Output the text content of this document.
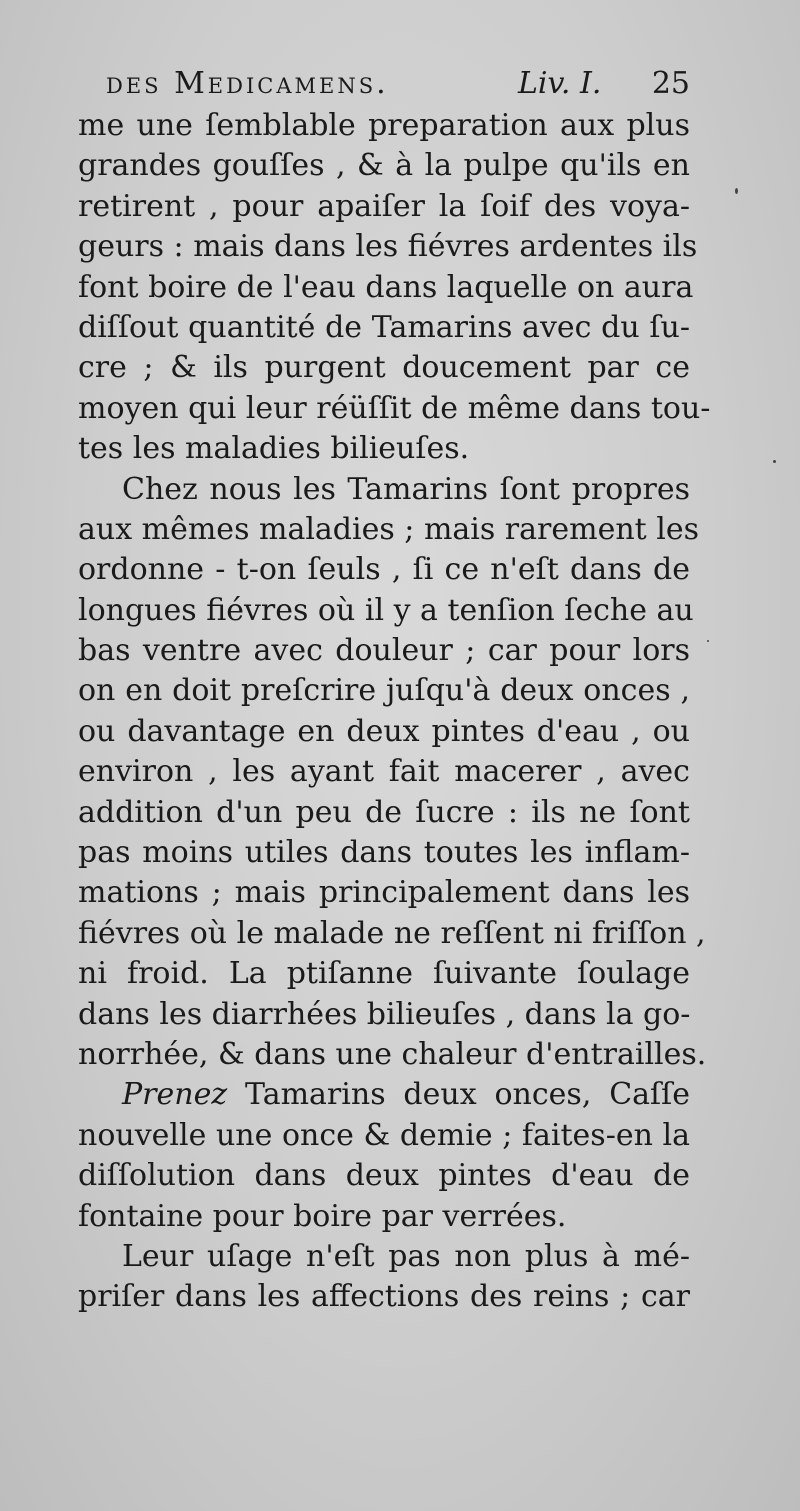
des Medicamens.	Liv. I. 25
me une ſemblable preparation aux plus
grandes gouſſes , & à la pulpe qu'ils en
retirent , pour apaiſer la ſoif des voya-
geurs : mais dans les fiévres ardentes ils
font boire de l'eau dans laquelle on aura
diſſout quantité de Tamarins avec du ſu-
cre ; & ils purgent doucement par ce
moyen qui leur réüſſit de même dans tou-
tes les maladies bilieuſes.
Chez nous les Tamarins ſont propres
aux mêmes maladies ; mais rarement les
ordonne - t-on ſeuls , ſi ce n'eſt dans de
longues fiévres où il y a tenſion ſeche au
bas ventre avec douleur ; car pour lors
on en doit preſcrire juſqu'à deux onces ,
ou davantage en deux pintes d'eau , ou
environ , les ayant fait macerer , avec
addition d'un peu de ſucre : ils ne ſont
pas moins utiles dans toutes les inflam-
mations ; mais principalement dans les
fiévres où le malade ne reſſent ni friſſon ,
ni froid. La ptiſanne ſuivante ſoulage
dans les diarrhées bilieuſes , dans la go-
norrhée, & dans une chaleur d'entrailles.
Prenez Tamarins deux onces, Caſſe
nouvelle une once & demie ; faites-en la
diſſolution dans deux pintes d'eau de
fontaine pour boire par verrées.
Leur uſage n'eſt pas non plus à mé-
priſer dans les affections des reins ; car
